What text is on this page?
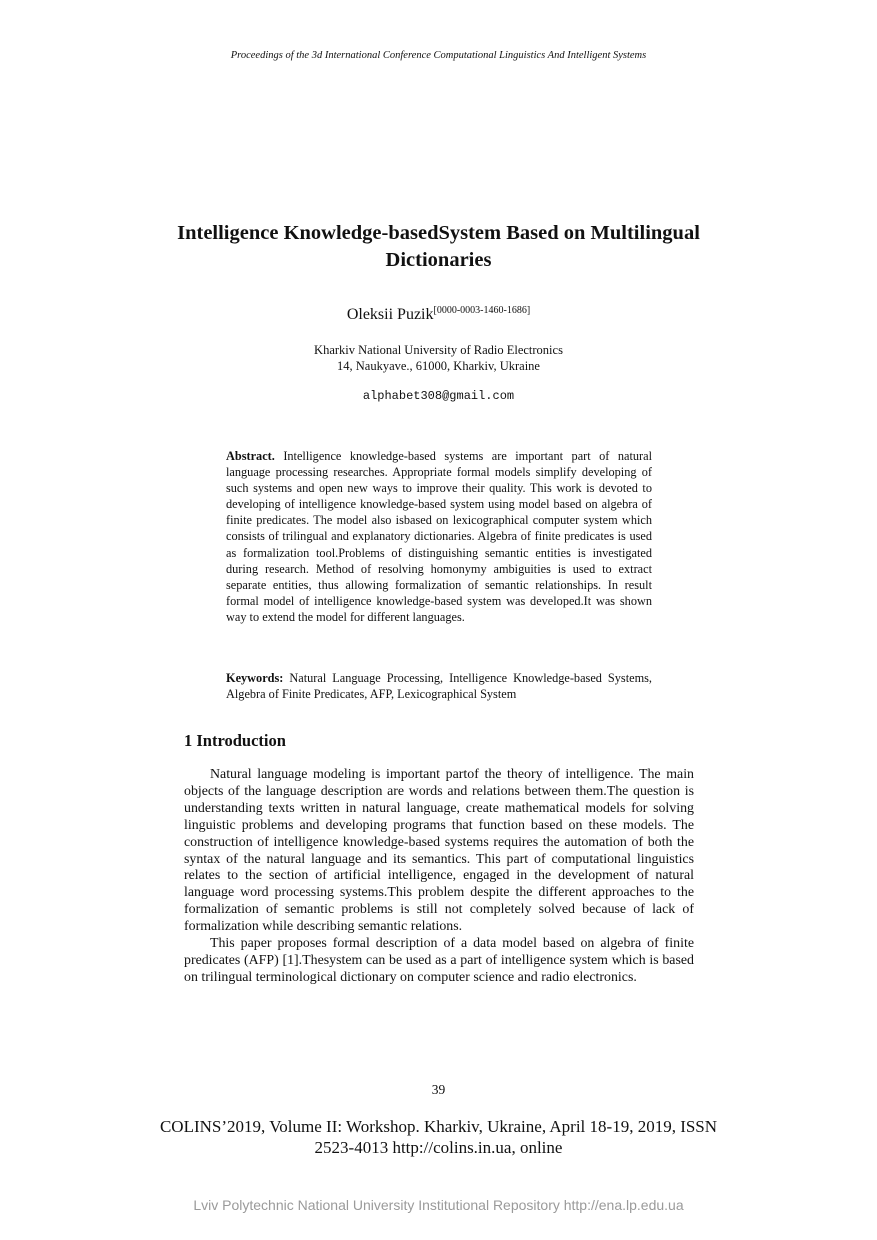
Proceedings of the 3d International Conference Computational Linguistics And Intelligent Systems
Intelligence Knowledge-basedSystem Based on Multilingual Dictionaries
Oleksii Puzik[0000-0003-1460-1686]
Kharkiv National University of Radio Electronics
14, Naukyave., 61000, Kharkiv, Ukraine
alphabet308@gmail.com
Abstract. Intelligence knowledge-based systems are important part of natural language processing researches. Appropriate formal models simplify developing of such systems and open new ways to improve their quality. This work is devoted to developing of intelligence knowledge-based system using model based on algebra of finite predicates. The model also isbased on lexicographical computer system which consists of trilingual and explanatory dictionaries. Algebra of finite predicates is used as formalization tool.Problems of distinguishing semantic entities is investigated during research. Method of resolving homonymy ambiguities is used to extract separate entities, thus allowing formalization of semantic relationships. In result formal model of intelligence knowledge-based system was developed.It was shown way to extend the model for different languages.
Keywords: Natural Language Processing, Intelligence Knowledge-based Systems, Algebra of Finite Predicates, AFP, Lexicographical System
1 Introduction

Natural language modeling is important partof the theory of intelligence. The main objects of the language description are words and relations between them.The question is understanding texts written in natural language, create mathematical models for solving linguistic problems and developing programs that function based on these models. The construction of intelligence knowledge-based systems requires the automation of both the syntax of the natural language and its semantics. This part of computational linguistics relates to the section of artificial intelligence, engaged in the development of natural language word processing systems.This problem despite the different approaches to the formalization of semantic problems is still not completely solved because of lack of formalization while describing semantic relations.

This paper proposes formal description of a data model based on algebra of finite predicates (AFP) [1].Thesystem can be used as a part of intelligence system which is based on trilingual terminological dictionary on computer science and radio electronics.

39
COLINS’2019, Volume II: Workshop. Kharkiv, Ukraine, April 18-19, 2019, ISSN 2523-4013 http://colins.in.ua, online
Lviv Polytechnic National University Institutional Repository http://ena.lp.edu.ua
